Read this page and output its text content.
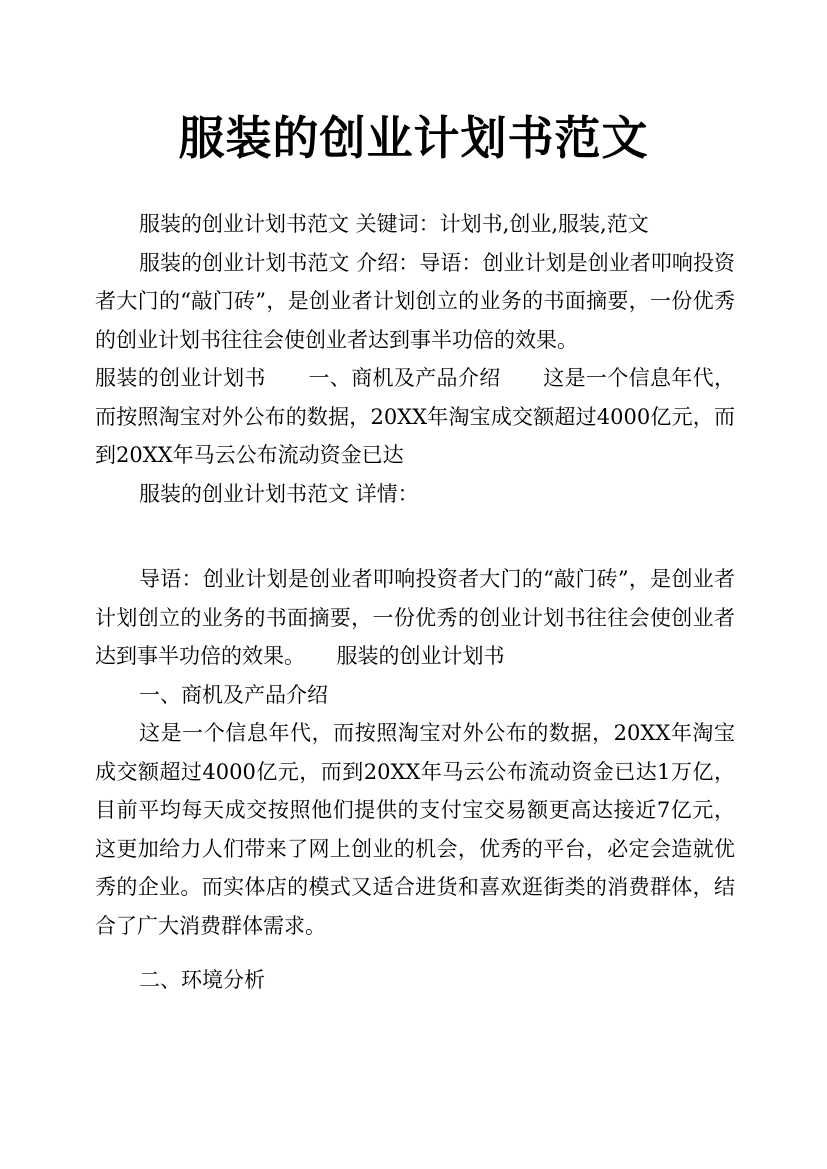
服装的创业计划书范文

服装的创业计划书范文 关键词：计划书,创业,服装,范文

服装的创业计划书范文 介绍：导语：创业计划是创业者叩响投资者大门的“敲门砖”，是创业者计划创立的业务的书面摘要，一份优秀的创业计划书往往会使创业者达到事半功倍的效果。

服装的创业计划书　　一、商机及产品介绍　　这是一个信息年代，而按照淘宝对外公布的数据，20XX年淘宝成交额超过4000亿元，而到20XX年马云公布流动资金已达

服装的创业计划书范文 详情：

导语：创业计划是创业者叩响投资者大门的“敲门砖”，是创业者计划创立的业务的书面摘要，一份优秀的创业计划书往往会使创业者达到事半功倍的效果。　　服装的创业计划书

一、商机及产品介绍

这是一个信息年代，而按照淘宝对外公布的数据，20XX年淘宝成交额超过4000亿元，而到20XX年马云公布流动资金已达1万亿，目前平均每天成交按照他们提供的支付宝交易额更高达接近7亿元，这更加给力人们带来了网上创业的机会，优秀的平台，必定会造就优秀的企业。而实体店的模式又适合进货和喜欢逛街类的消费群体，结合了广大消费群体需求。

二、环境分析
